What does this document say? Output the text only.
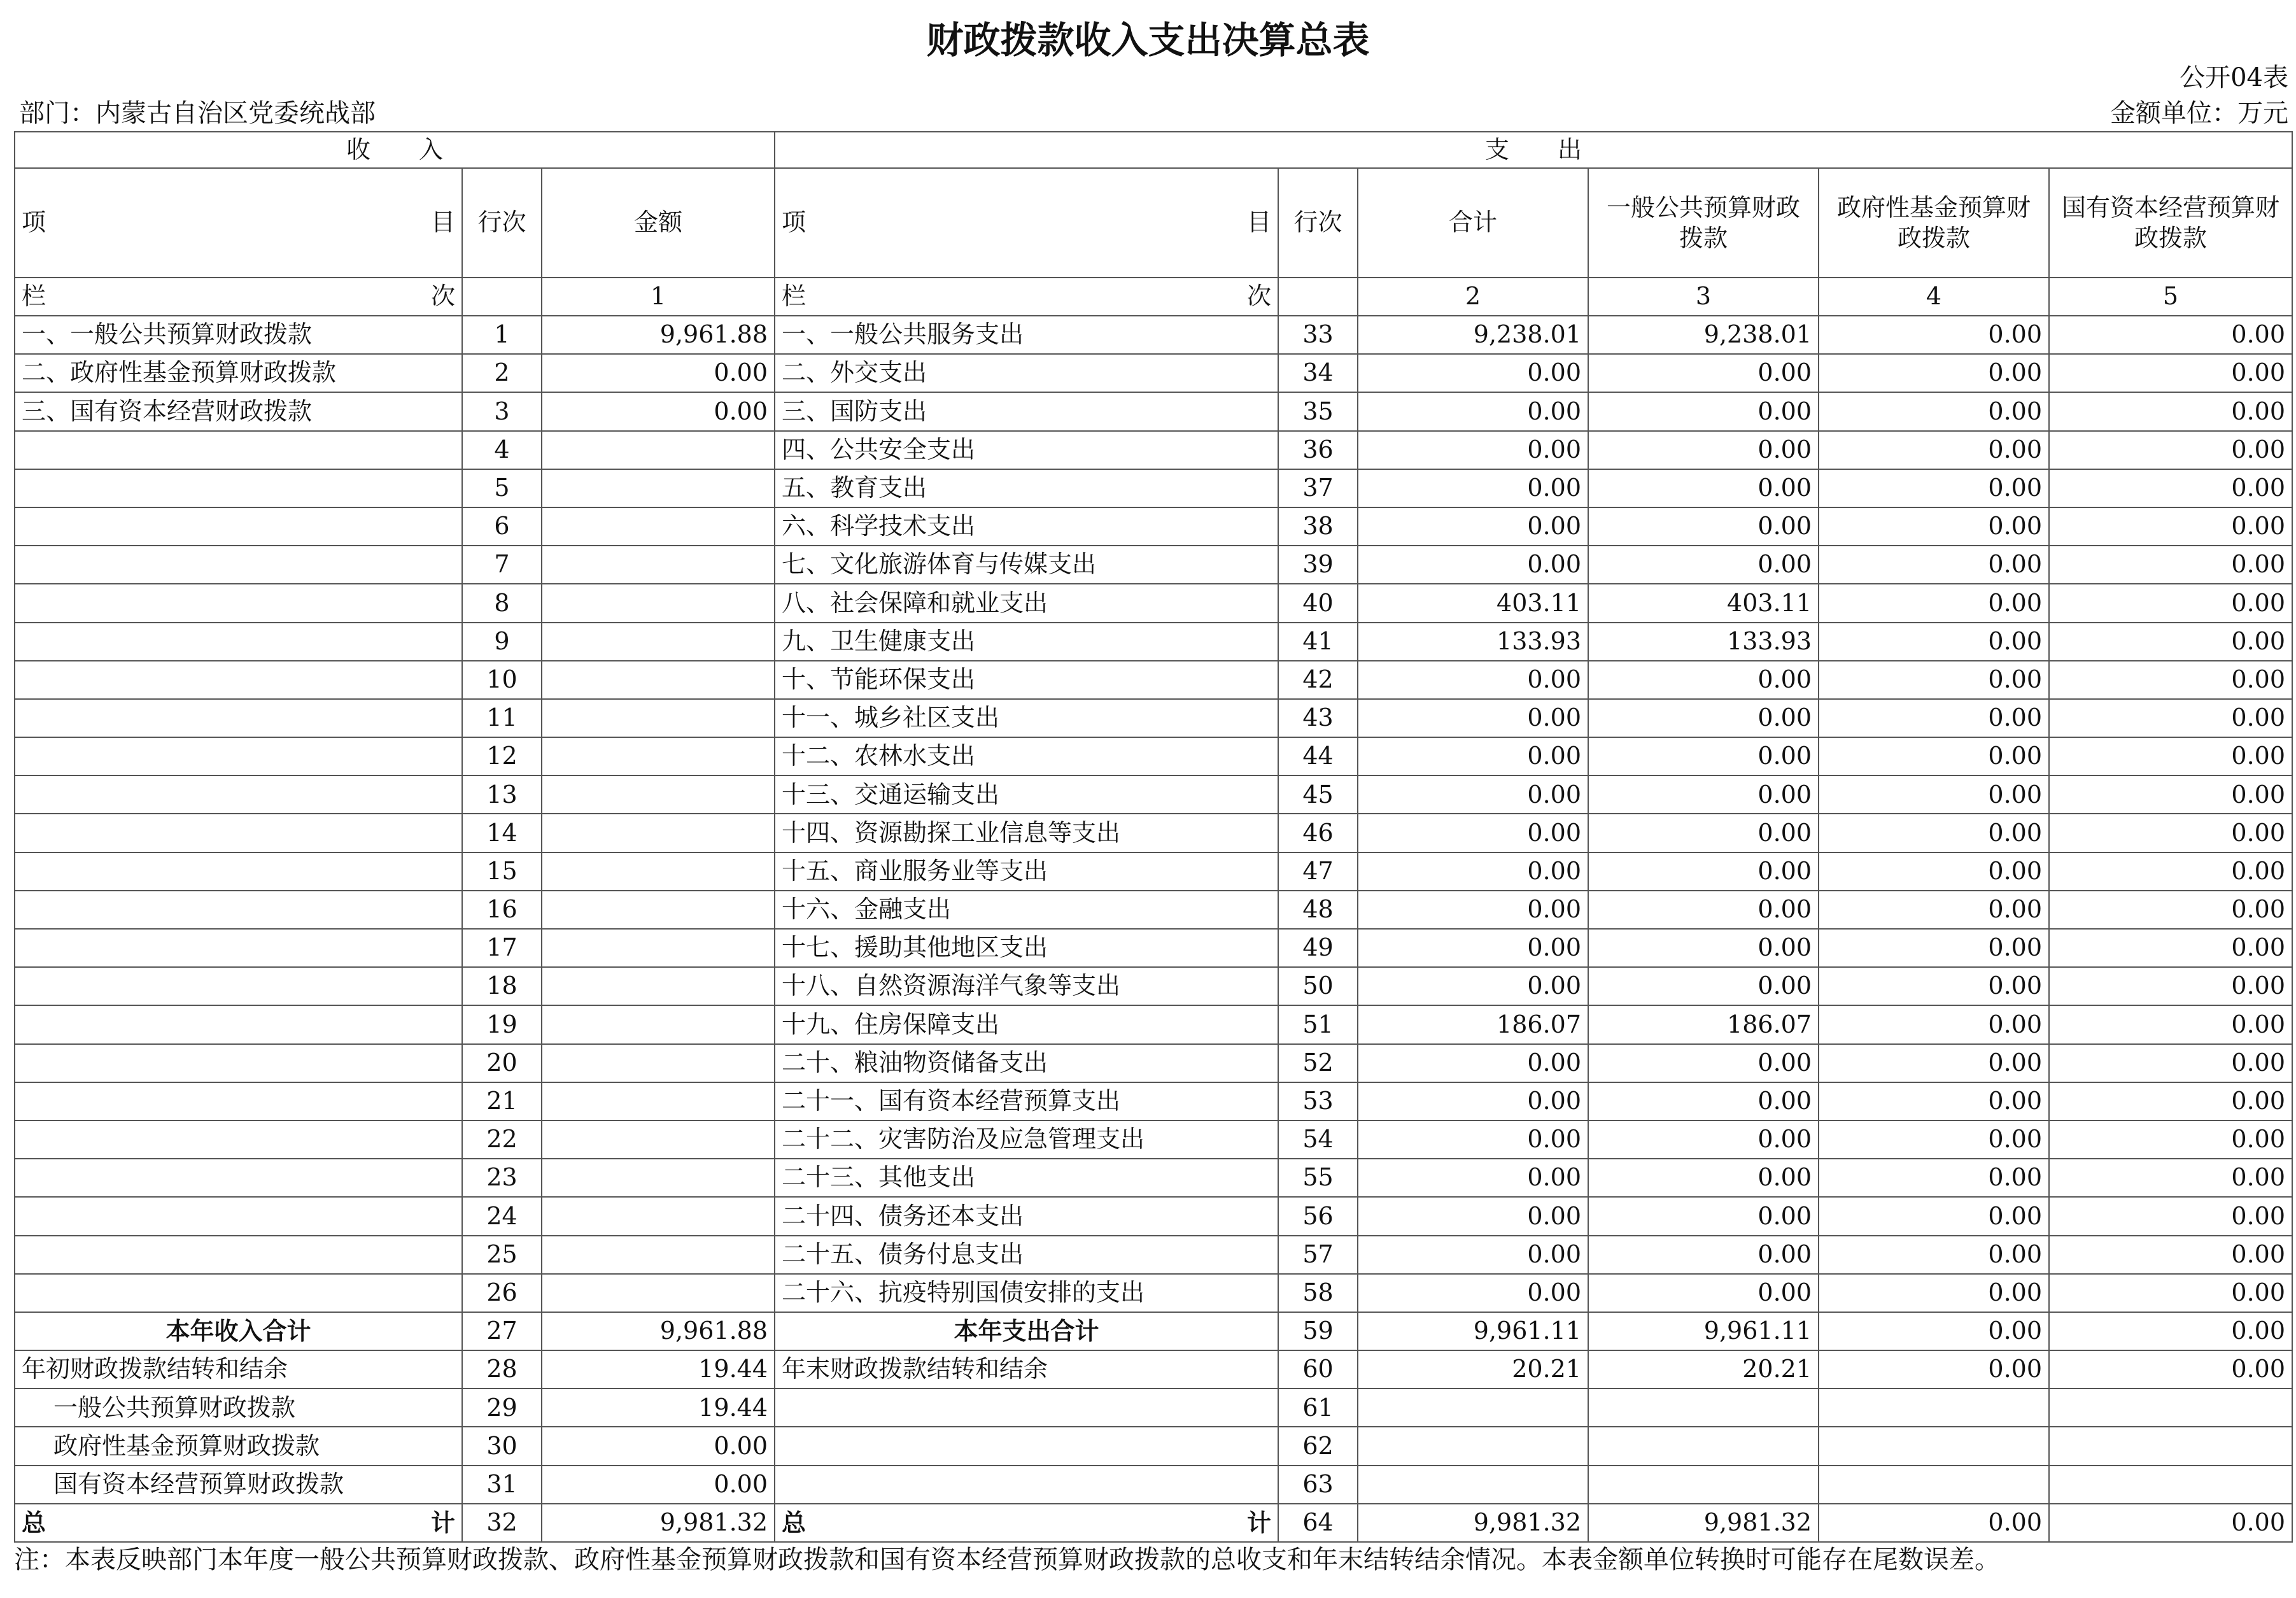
财政拨款收入支出决算总表
公开04表
部门：内蒙古自治区党委统战部	金额单位：万元
收　　入			支　　出					

项 目	行次	金额	项 目	行次	合计	一般公共预算财政拨款	政府性基金预算财政拨款	国有资本经营预算财政拨款

栏 次		1	栏 次		2	3	4	5
一、一般公共预算财政拨款	1	9,961.88	一、一般公共服务支出	33	9,238.01	9,238.01	0.00	0.00
二、政府性基金预算财政拨款	2	0.00	二、外交支出	34	0.00	0.00	0.00	0.00
三、国有资本经营财政拨款	3	0.00	三、国防支出	35	0.00	0.00	0.00	0.00
	4		四、公共安全支出	36	0.00	0.00	0.00	0.00
	5		五、教育支出	37	0.00	0.00	0.00	0.00
	6		六、科学技术支出	38	0.00	0.00	0.00	0.00
	7		七、文化旅游体育与传媒支出	39	0.00	0.00	0.00	0.00
	8		八、社会保障和就业支出	40	403.11	403.11	0.00	0.00
	9		九、卫生健康支出	41	133.93	133.93	0.00	0.00
	10		十、节能环保支出	42	0.00	0.00	0.00	0.00
	11		十一、城乡社区支出	43	0.00	0.00	0.00	0.00
	12		十二、农林水支出	44	0.00	0.00	0.00	0.00
	13		十三、交通运输支出	45	0.00	0.00	0.00	0.00
	14		十四、资源勘探工业信息等支出	46	0.00	0.00	0.00	0.00
	15		十五、商业服务业等支出	47	0.00	0.00	0.00	0.00
	16		十六、金融支出	48	0.00	0.00	0.00	0.00
	17		十七、援助其他地区支出	49	0.00	0.00	0.00	0.00
	18		十八、自然资源海洋气象等支出	50	0.00	0.00	0.00	0.00
	19		十九、住房保障支出	51	186.07	186.07	0.00	0.00
	20		二十、粮油物资储备支出	52	0.00	0.00	0.00	0.00
	21		二十一、国有资本经营预算支出	53	0.00	0.00	0.00	0.00
	22		二十二、灾害防治及应急管理支出	54	0.00	0.00	0.00	0.00
	23		二十三、其他支出	55	0.00	0.00	0.00	0.00
	24		二十四、债务还本支出	56	0.00	0.00	0.00	0.00
	25		二十五、债务付息支出	57	0.00	0.00	0.00	0.00
	26		二十六、抗疫特别国债安排的支出	58	0.00	0.00	0.00	0.00
本年收入合计	27	9,961.88	本年支出合计	59	9,961.11	9,961.11	0.00	0.00
年初财政拨款结转和结余	28	19.44	年末财政拨款结转和结余	60	20.21	20.21	0.00	0.00
一般公共预算财政拨款	29	19.44		61				
政府性基金预算财政拨款	30	0.00		62				
国有资本经营预算财政拨款	31	0.00		63				

总 计	32	9,981.32	总 计	64	9,981.32	9,981.32	0.00	0.00
注：本表反映部门本年度一般公共预算财政拨款、政府性基金预算财政拨款和国有资本经营预算财政拨款的总收支和年末结转结余情况。本表金额单位转换时可能存在尾数误差。
